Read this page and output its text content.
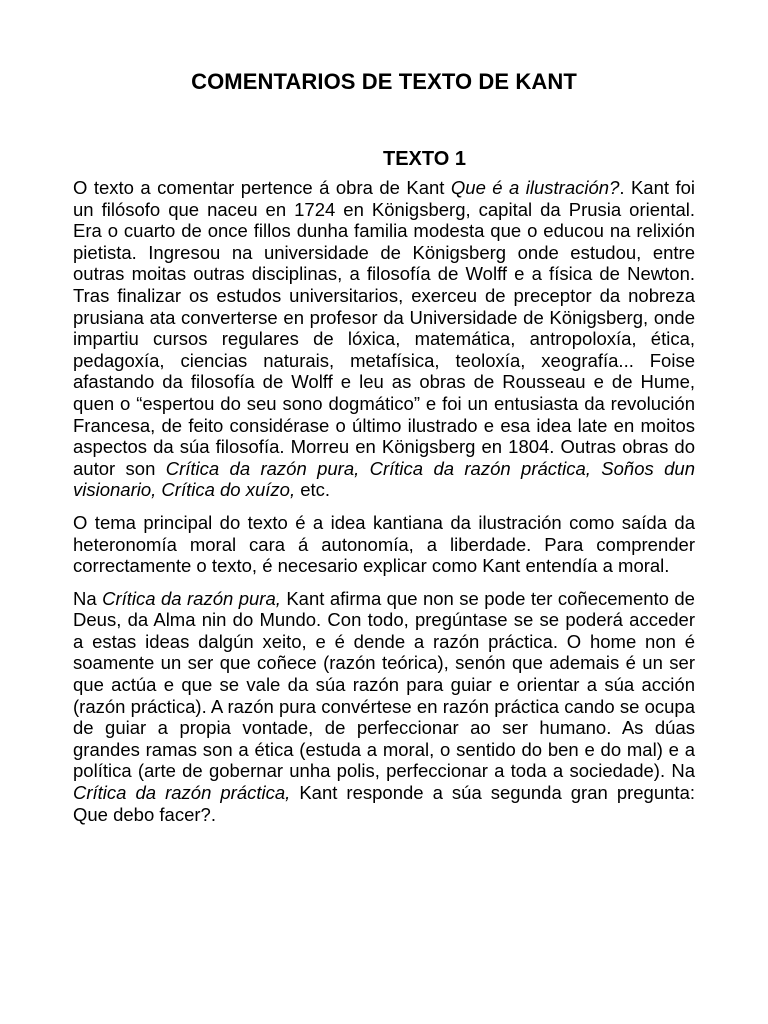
COMENTARIOS DE TEXTO DE KANT
TEXTO 1

O texto a comentar pertence á obra de Kant Que é a ilustración?. Kant foi un filósofo que naceu en 1724 en Königsberg, capital da Prusia oriental. Era o cuarto de once fillos dunha familia modesta que o educou na relixión pietista. Ingresou na universidade de Königsberg onde estudou, entre outras moitas outras disciplinas, a filosofía de Wolff e a física de Newton. Tras finalizar os estudos universitarios, exerceu de preceptor da nobreza prusiana ata converterse en profesor da Universidade de Königsberg, onde impartiu cursos regulares de lóxica, matemática, antropoloxía, ética, pedagoxía, ciencias naturais, metafísica, teoloxía, xeografía... Foise afastando da filosofía de Wolff e leu as obras de Rousseau e de Hume, quen o “espertou do seu sono dogmático” e foi un entusiasta da revolución Francesa, de feito considérase o último ilustrado e esa idea late en moitos aspectos da súa filosofía. Morreu en Königsberg en 1804. Outras obras do autor son Crítica da razón pura, Crítica da razón práctica, Soños dun visionario, Crítica do xuízo, etc.

O tema principal do texto é a idea kantiana da ilustración como saída da heteronomía moral cara á autonomía, a liberdade. Para comprender correctamente o texto, é necesario explicar como Kant entendía a moral.

Na Crítica da razón pura, Kant afirma que non se pode ter coñecemento de Deus, da Alma nin do Mundo. Con todo, pregúntase se se poderá acceder a estas ideas dalgún xeito, e é dende a razón práctica. O home non é soamente un ser que coñece (razón teórica), senón que ademais é un ser que actúa e que se vale da súa razón para guiar e orientar a súa acción (razón práctica). A razón pura convértese en razón práctica cando se ocupa de guiar a propia vontade, de perfeccionar ao ser humano. As dúas grandes ramas son a ética (estuda a moral, o sentido do ben e do mal) e a política (arte de gobernar unha polis, perfeccionar a toda a sociedade). Na Crítica da razón práctica, Kant responde a súa segunda gran pregunta: Que debo facer?.
